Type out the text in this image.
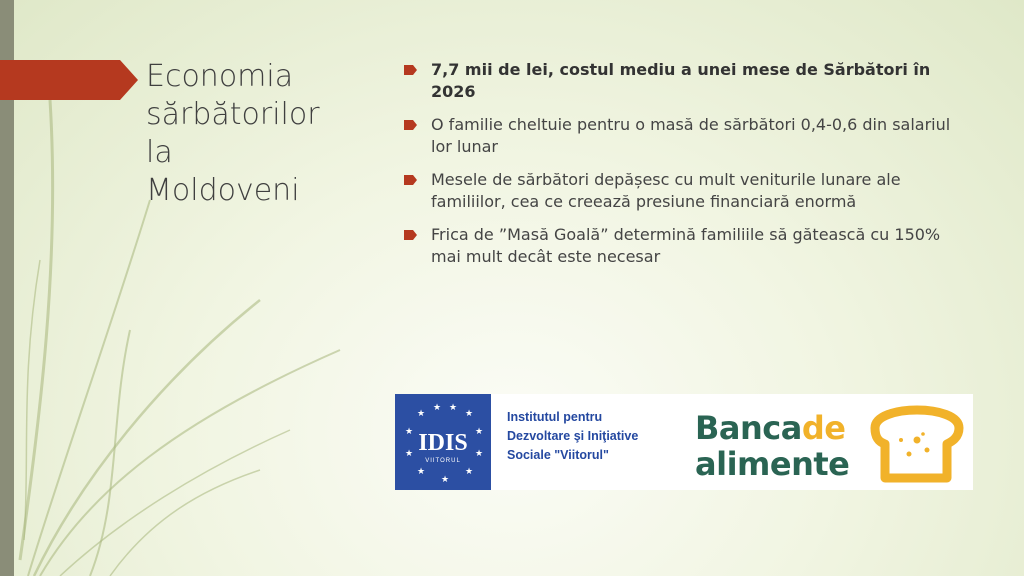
Economia
sărbătorilor
la
Moldoveni
7,7 mii de lei, costul mediu a unei mese de Sărbători în 2026
O familie cheltuie pentru o masă de sărbători 0,4-0,6 din salariul lor lunar
Mesele de sărbători depășesc cu mult veniturile lunare ale familiilor, cea ce creează presiune financiară enormă
Frica de ”Masă Goală” determină familiile să gătească cu 150% mai mult decât este necesar
★
★ ★
★
★	★
★	★
★	★
★
IDIS
VIITORUL
Institutul pentru
Dezvoltare şi Iniţiative
Sociale "Viitorul"
Bancade
alimente
